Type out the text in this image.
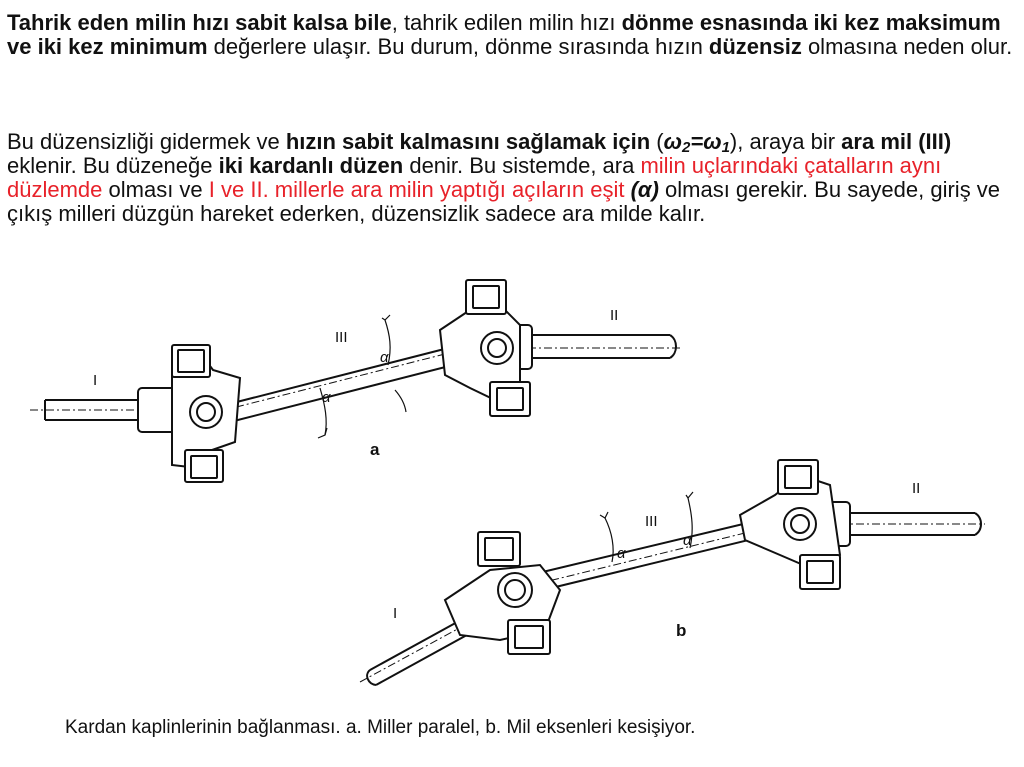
Tahrik eden milin hızı sabit kalsa bile, tahrik edilen milin hızı dönme esnasında iki kez maksimum ve iki kez minimum değerlere ulaşır. Bu durum, dönme sırasında hızın düzensiz olmasına neden olur.

Bu düzensizliği gidermek ve hızın sabit kalmasını sağlamak için $(\omega_2=\omega_1)$, araya bir ara mil (III) eklenir. Bu düzeneğe iki kardanlı düzen denir. Bu sistemde, ara milin uçlarındaki çatalların aynı düzlemde olması ve I ve II. millerle ara milin yaptığı açıların eşit (α) olması gerekir. Bu sayede, giriş ve çıkış milleri düzgün hareket ederken, düzensizlik sadece ara milde kalır.

I
II
III
α
α
a
I
II
III
α
α
b

Kardan kaplinlerinin bağlanması. a. Miller paralel, b. Mil eksenleri kesişiyor.
